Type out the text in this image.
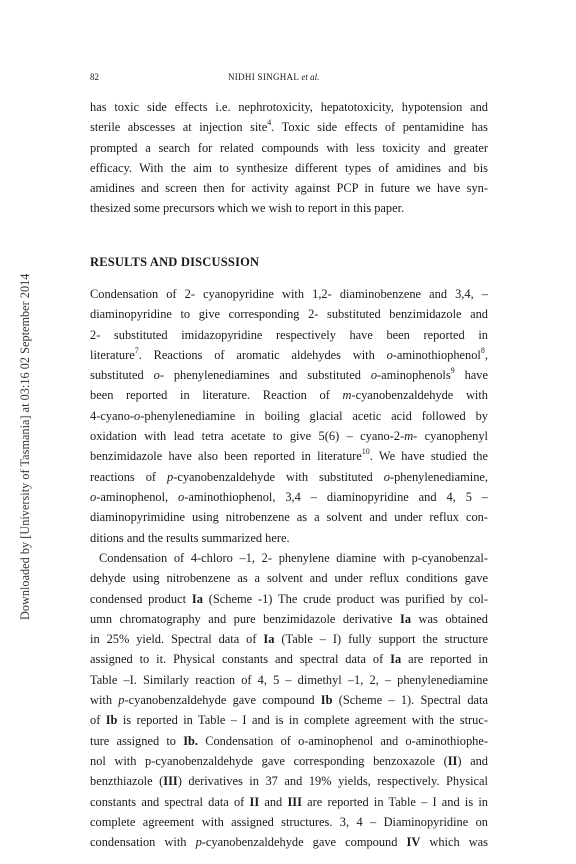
Downloaded by [University of Tasmania] at 03:16 02 September 2014
82	NIDHI SINGHAL et al.
has toxic side effects i.e. nephrotoxicity, hepatotoxicity, hypotension and
sterile abscesses at injection site$^4$. Toxic side effects of pentamidine has
prompted a search for related compounds with less toxicity and greater
efficacy. With the aim to synthesize different types of amidines and bis
amidines and screen then for activity against PCP in future we have syn-
thesized some precursors which we wish to report in this paper.
RESULTS AND DISCUSSION
Condensation of 2- cyanopyridine with 1,2- diaminobenzene and 3,4, –
diaminopyridine to give corresponding 2- substituted benzimidazole and
2- substituted imidazopyridine respectively have been reported in
literature$^7$. Reactions of aromatic aldehydes with o-aminothiophenol$^8$,
substituted o- phenylenediamines and substituted o-aminophenols$^9$ have
been reported in literature. Reaction of m-cyanobenzaldehyde with
4-cyano-o-phenylenediamine in boiling glacial acetic acid followed by
oxidation with lead tetra acetate to give 5(6) – cyano-2-m- cyanophenyl
benzimidazole have also been reported in literature$^{10}$. We have studied the
reactions of p-cyanobenzaldehyde with substituted o-phenylenediamine,
o-aminophenol, o-aminothiophenol, 3,4 – diaminopyridine and 4, 5 –
diaminopyrimidine using nitrobenzene as a solvent and under reflux con-
ditions and the results summarized here.
Condensation of 4-chloro –1, 2- phenylene diamine with p-cyanobenzal-
dehyde using nitrobenzene as a solvent and under reflux conditions gave
condensed product Ia (Scheme -1) The crude product was purified by col-
umn chromatography and pure benzimidazole derivative Ia was obtained
in 25% yield. Spectral data of Ia (Table – I) fully support the structure
assigned to it. Physical constants and spectral data of Ia are reported in
Table –I. Similarly reaction of 4, 5 – dimethyl –1, 2, – phenylenediamine
with p-cyanobenzaldehyde gave compound Ib (Scheme – 1). Spectral data
of Ib is reported in Table – I and is in complete agreement with the struc-
ture assigned to Ib. Condensation of o-aminophenol and o-aminothiophe-
nol with p-cyanobenzaldehyde gave corresponding benzoxazole (II) and
benzthiazole (III) derivatives in 37 and 19% yields, respectively. Physical
constants and spectral data of II and III are reported in Table – I and is in
complete agreement with assigned structures. 3, 4 – Diaminopyridine on
condensation with p-cyanobenzaldehyde gave compound IV which was
